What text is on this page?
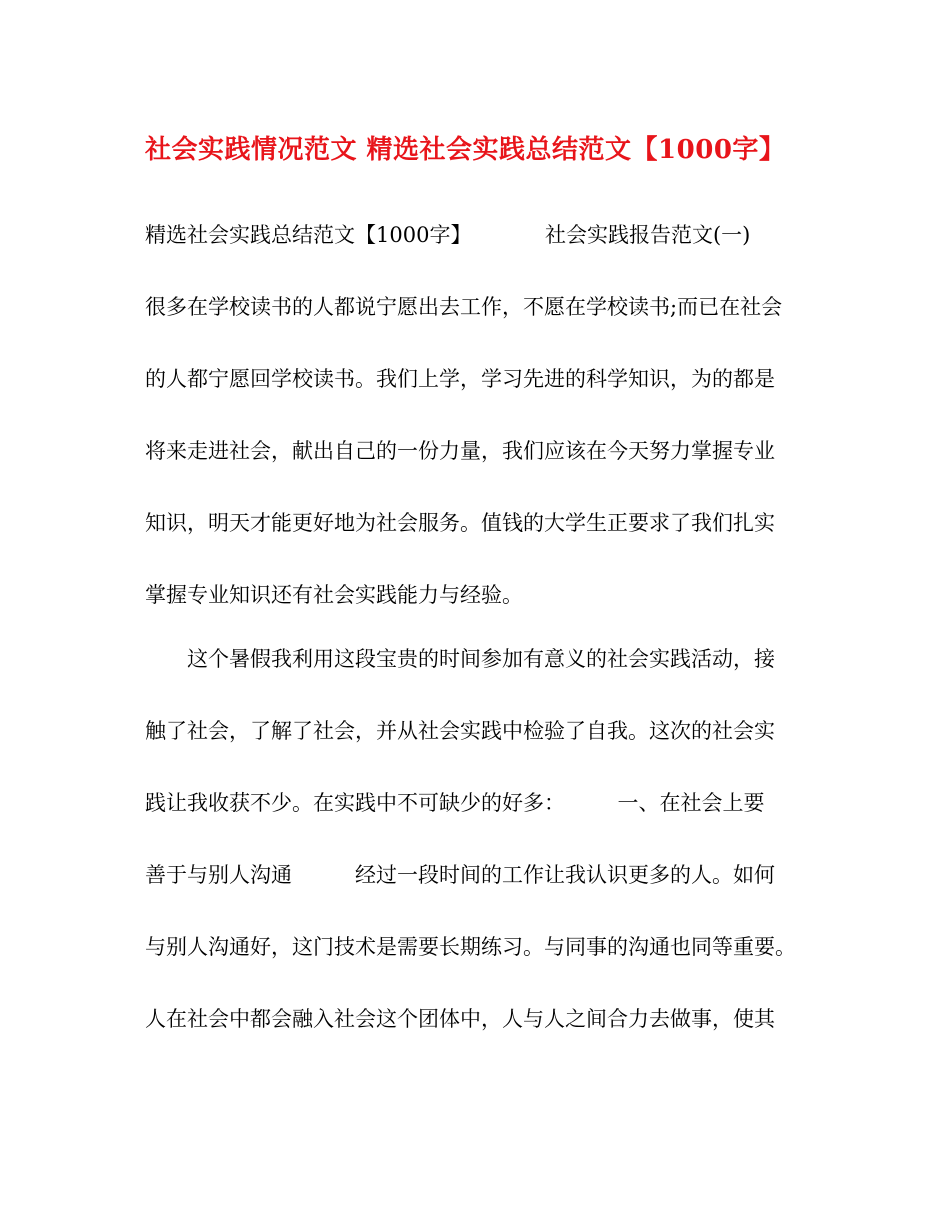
社会实践情况范文 精选社会实践总结范文【1000字】
精选社会实践总结范文【1000字】　　　　社会实践报告范文(一)
很多在学校读书的人都说宁愿出去工作，不愿在学校读书;而已在社会
的人都宁愿回学校读书。我们上学，学习先进的科学知识，为的都是
将来走进社会，献出自己的一份力量，我们应该在今天努力掌握专业
知识，明天才能更好地为社会服务。值钱的大学生正要求了我们扎实
掌握专业知识还有社会实践能力与经验。
　　这个暑假我利用这段宝贵的时间参加有意义的社会实践活动，接
触了社会，了解了社会，并从社会实践中检验了自我。这次的社会实
践让我收获不少。在实践中不可缺少的好多：　　　一、在社会上要
善于与别人沟通　　　经过一段时间的工作让我认识更多的人。如何
与别人沟通好，这门技术是需要长期练习。与同事的沟通也同等重要。
人在社会中都会融入社会这个团体中，人与人之间合力去做事，使其
